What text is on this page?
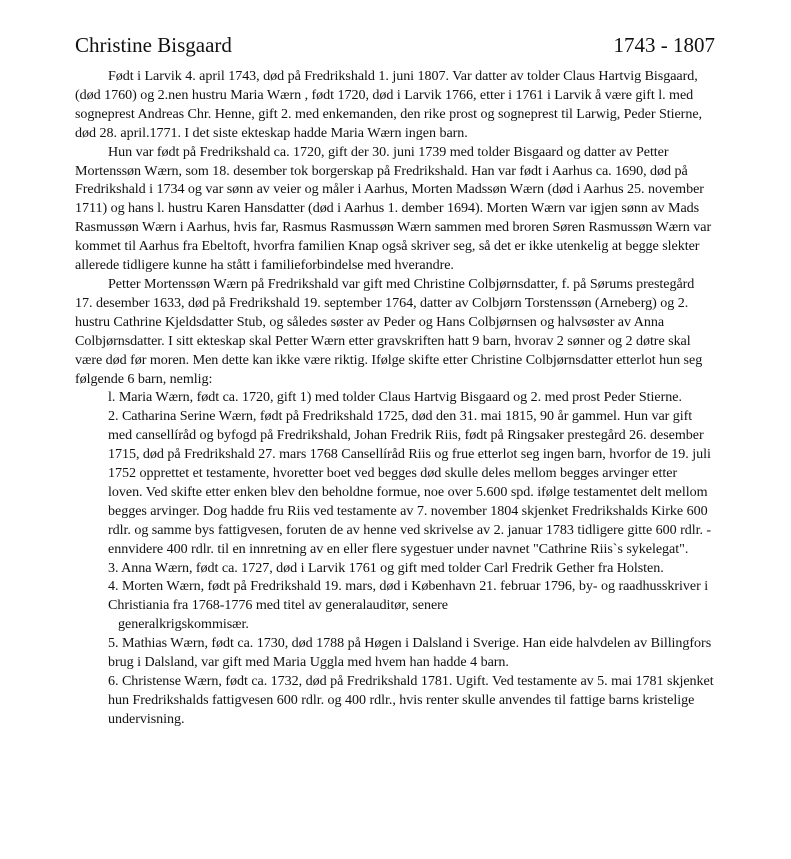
Christine Bisgaard	1743 - 1807

Født i Larvik 4. april 1743, død på Fredrikshald 1. juni 1807. Var datter av tolder Claus Hartvig Bisgaard, (død 1760) og 2.nen hustru Maria Wærn , født 1720, død i Larvik 1766, etter i 1761 i Larvik å være gift l. med sogneprest Andreas Chr. Henne, gift 2. med enkemanden, den rike prost og sogneprest til Larwig, Peder Stierne, død 28. april.1771. I det siste ekteskap hadde Maria Wærn ingen barn.

Hun var født på Fredrikshald ca. 1720, gift der 30. juni 1739 med tolder Bisgaard og datter av Petter Mortenssøn Wærn, som 18. desember tok borgerskap på Fredrikshald. Han var født i Aarhus ca. 1690, død på Fredrikshald i 1734 og var sønn av veier og måler i Aarhus, Morten Madssøn Wærn (død i Aarhus 25. november 1711) og hans l. hustru Karen Hansdatter (død i Aarhus 1. dember 1694). Morten Wærn var igjen sønn av Mads Rasmussøn Wærn i Aarhus, hvis far, Rasmus Rasmussøn Wærn sammen med broren Søren Rasmussøn Wærn var kommet til Aarhus fra Ebeltoft, hvorfra familien Knap også skriver seg, så det er ikke utenkelig at begge slekter allerede tidligere kunne ha stått i familieforbindelse med hverandre.

Petter Mortenssøn Wærn på Fredrikshald var gift med Christine Colbjørnsdatter, f. på Sørums prestegård 17. desember 1633, død på Fredrikshald 19. september 1764, datter av Colbjørn Torstenssøn (Arneberg) og 2. hustru Cathrine Kjeldsdatter Stub, og således søster av Peder og Hans Colbjørnsen og halvsøster av Anna Colbjørnsdatter. I sitt ekteskap skal Petter Wærn etter gravskriften hatt 9 barn, hvorav 2 sønner og 2 døtre skal være død før moren. Men dette kan ikke være riktig. Ifølge skifte etter Christine Colbjørnsdatter etterlot hun seg følgende 6 barn, nemlig:

l. Maria Wærn, født ca. 1720, gift 1) med tolder Claus Hartvig Bisgaard og 2. med prost Peder Stierne.
2. Catharina Serine Wærn, født på Fredrikshald 1725, død den 31. mai 1815, 90 år gammel. Hun var gift med cansellíråd og byfogd på Fredrikshald, Johan Fredrik Riis, født på Ringsaker prestegård 26. desember 1715, død på Fredrikshald 27. mars 1768 Cansellíråd Riis og frue etterlot seg ingen barn, hvorfor de 19. juli 1752 opprettet et testamente, hvoretter boet ved begges død skulle deles mellom begges arvinger etter loven. Ved skifte etter enken blev den beholdne formue, noe over 5.600 spd. ifølge testamentet delt mellom begges arvinger. Dog hadde fru Riis ved testamente av 7. november 1804 skjenket Fredrikshalds Kirke 600 rdlr. og samme bys fattigvesen, foruten de av henne ved skrivelse av 2. januar 1783 tidligere gitte 600 rdlr. - ennvidere 400 rdlr. til en innretning av en eller flere sygestuer under navnet "Cathrine Riis`s sykelegat".
3. Anna Wærn, født ca. 1727, død i Larvik 1761 og gift med tolder Carl Fredrik Gether fra Holsten.
4. Morten Wærn, født på Fredrikshald 19. mars, død i København 21. februar 1796, by- og raadhusskriver i Christiania fra 1768-1776 med titel av generalauditør, senere
generalkrigskommisær.
5. Mathias Wærn, født ca. 1730, død 1788 på Høgen i Dalsland i Sverige. Han eide halvdelen av Billingfors brug i Dalsland, var gift med Maria Uggla med hvem han hadde 4 barn.
6. Christense Wærn, født ca. 1732, død på Fredrikshald 1781. Ugift. Ved testamente av 5. mai 1781 skjenket hun Fredrikshalds fattigvesen 600 rdlr. og 400 rdlr., hvis renter skulle anvendes til fattige barns kristelige undervisning.
